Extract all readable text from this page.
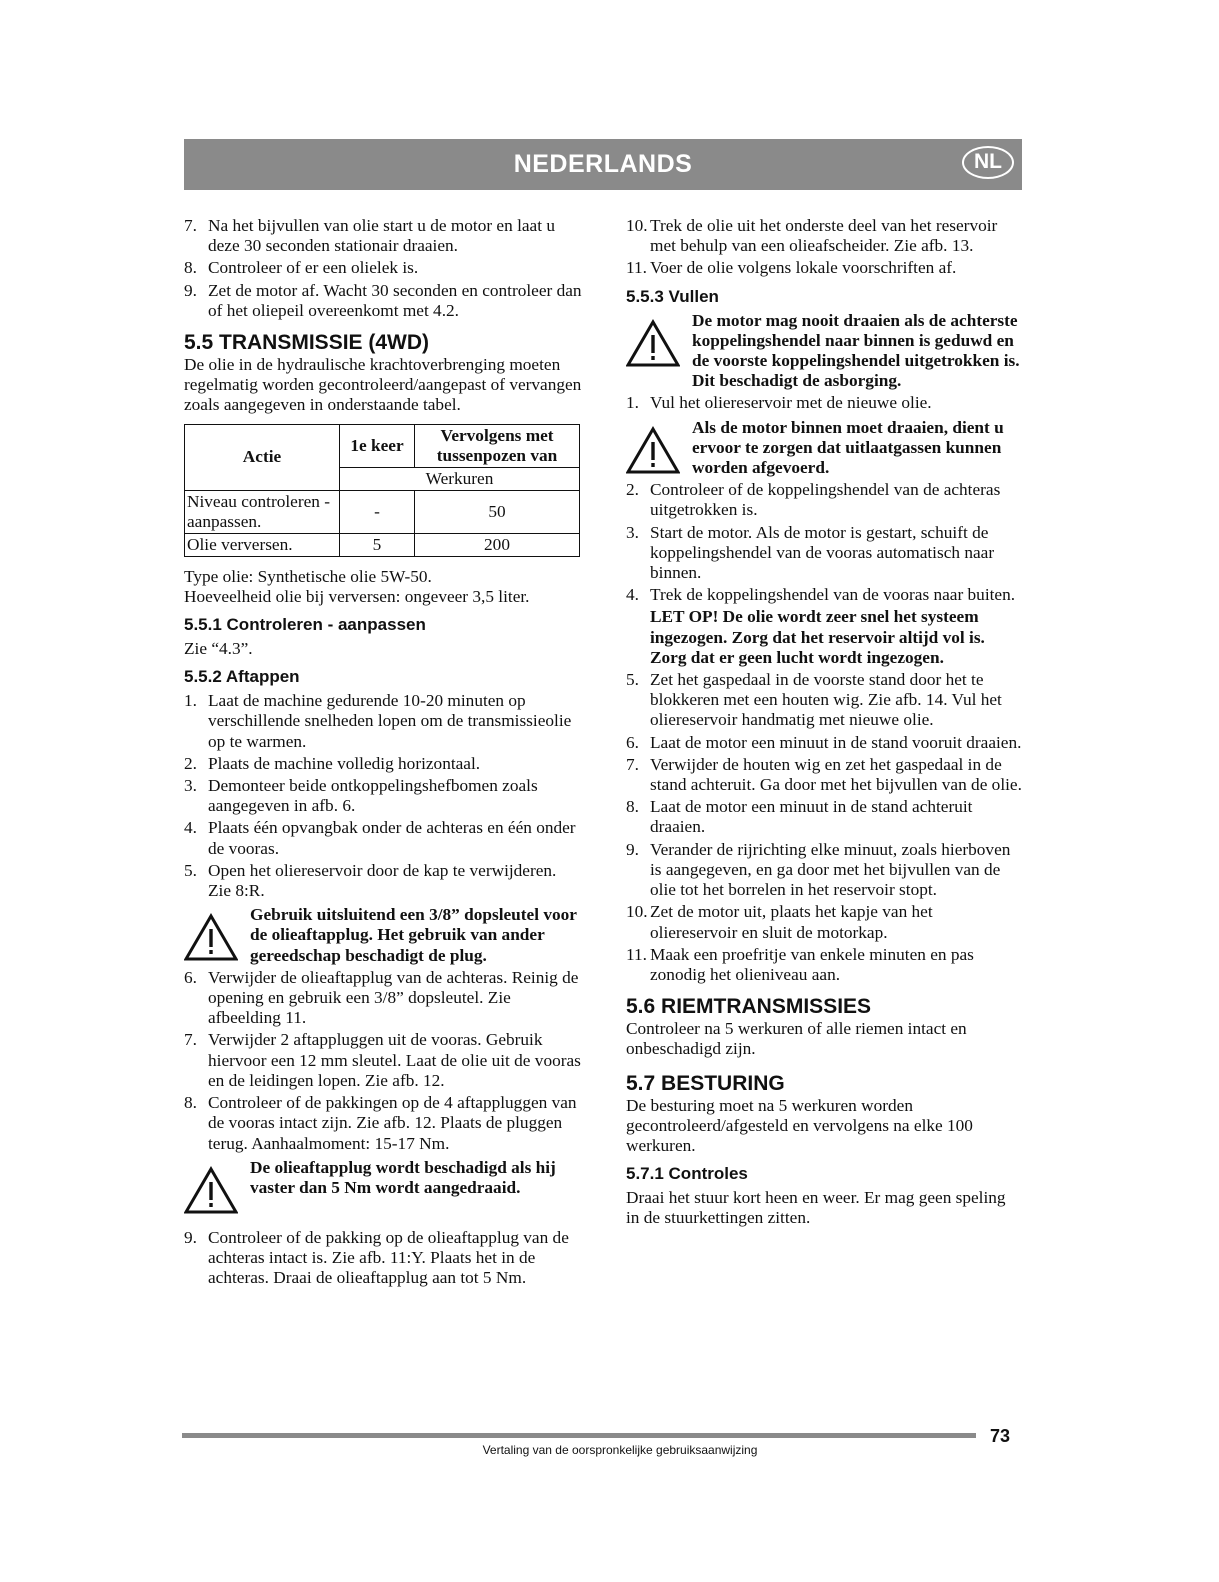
NEDERLANDS	NL
7. Na het bijvullen van olie start u de motor en laat u deze 30 seconden stationair draaien.
8. Controleer of er een olielek is.
9. Zet de motor af. Wacht 30 seconden en controleer dan of het oliepeil overeenkomt met 4.2.
5.5 TRANSMISSIE (4WD)

De olie in de hydraulische krachtoverbrenging moeten regelmatig worden gecontroleerd/aangepast of vervangen zoals aangegeven in onderstaande tabel.

Actie	1e keer	Vervolgens met tussenpozen van
	Werkuren	
Niveau controleren - aanpassen.	-	50
Olie verversen.	5	200

Type olie: Synthetische olie 5W-50.

Hoeveelheid olie bij verversen: ongeveer 3,5 liter.

5.5.1 Controleren - aanpassen

Zie “4.3”.

5.5.2 Aftappen
1. Laat de machine gedurende 10-20 minuten op verschillende snelheden lopen om de transmissieolie op te warmen.
2. Plaats de machine volledig horizontaal.
3. Demonteer beide ontkoppelingshefbomen zoals aangegeven in afb. 6.
4. Plaats één opvangbak onder de achteras en één onder de vooras.
5. Open het oliereservoir door de kap te verwijderen. Zie 8:R.
Gebruik uitsluitend een 3/8” dopsleutel voor de olieaftapplug. Het gebruik van ander gereedschap beschadigt de plug.
6. Verwijder de olieaftapplug van de achteras. Reinig de opening en gebruik een 3/8” dopsleutel. Zie afbeelding 11.
7. Verwijder 2 aftappluggen uit de vooras. Gebruik hiervoor een 12 mm sleutel. Laat de olie uit de vooras en de leidingen lopen. Zie afb. 12.
8. Controleer of de pakkingen op de 4 aftappluggen van de vooras intact zijn. Zie afb. 12. Plaats de pluggen terug. Aanhaalmoment: 15-17 Nm.
De olieaftapplug wordt beschadigd als hij vaster dan 5 Nm wordt aangedraaid.
9. Controleer of de pakking op de olieaftapplug van de achteras intact is. Zie afb. 11:Y. Plaats het in de achteras. Draai de olieaftapplug aan tot 5 Nm.
10. Trek de olie uit het onderste deel van het reservoir met behulp van een olieafscheider. Zie afb. 13.
11. Voer de olie volgens lokale voorschriften af.
5.5.3 Vullen
De motor mag nooit draaien als de achterste koppelingshendel naar binnen is geduwd en de voorste koppelingshendel uitgetrokken is. Dit beschadigt de asborging.
1. Vul het oliereservoir met de nieuwe olie.
Als de motor binnen moet draaien, dient u ervoor te zorgen dat uitlaatgassen kunnen worden afgevoerd.
2. Controleer of de koppelingshendel van de achteras uitgetrokken is.
3. Start de motor. Als de motor is gestart, schuift de koppelingshendel van de vooras automatisch naar binnen.
4. Trek de koppelingshendel van de vooras naar buiten.

LET OP! De olie wordt zeer snel het systeem ingezogen. Zorg dat het reservoir altijd vol is. Zorg dat er geen lucht wordt ingezogen.

5. Zet het gaspedaal in de voorste stand door het te blokkeren met een houten wig. Zie afb. 14. Vul het oliereservoir handmatig met nieuwe olie.
6. Laat de motor een minuut in de stand vooruit draaien.
7. Verwijder de houten wig en zet het gaspedaal in de stand achteruit. Ga door met het bijvullen van de olie.
8. Laat de motor een minuut in de stand achteruit draaien.
9. Verander de rijrichting elke minuut, zoals hierboven is aangegeven, en ga door met het bijvullen van de olie tot het borrelen in het reservoir stopt.
10. Zet de motor uit, plaats het kapje van het oliereservoir en sluit de motorkap.
11. Maak een proefritje van enkele minuten en pas zonodig het olieniveau aan.
5.6 RIEMTRANSMISSIES

Controleer na 5 werkuren of alle riemen intact en onbeschadigd zijn.

5.7 BESTURING

De besturing moet na 5 werkuren worden gecontroleerd/afgesteld en vervolgens na elke 100 werkuren.

5.7.1 Controles

Draai het stuur kort heen en weer. Er mag geen speling in de stuurkettingen zitten.

73
Vertaling van de oorspronkelijke gebruiksaanwijzing
